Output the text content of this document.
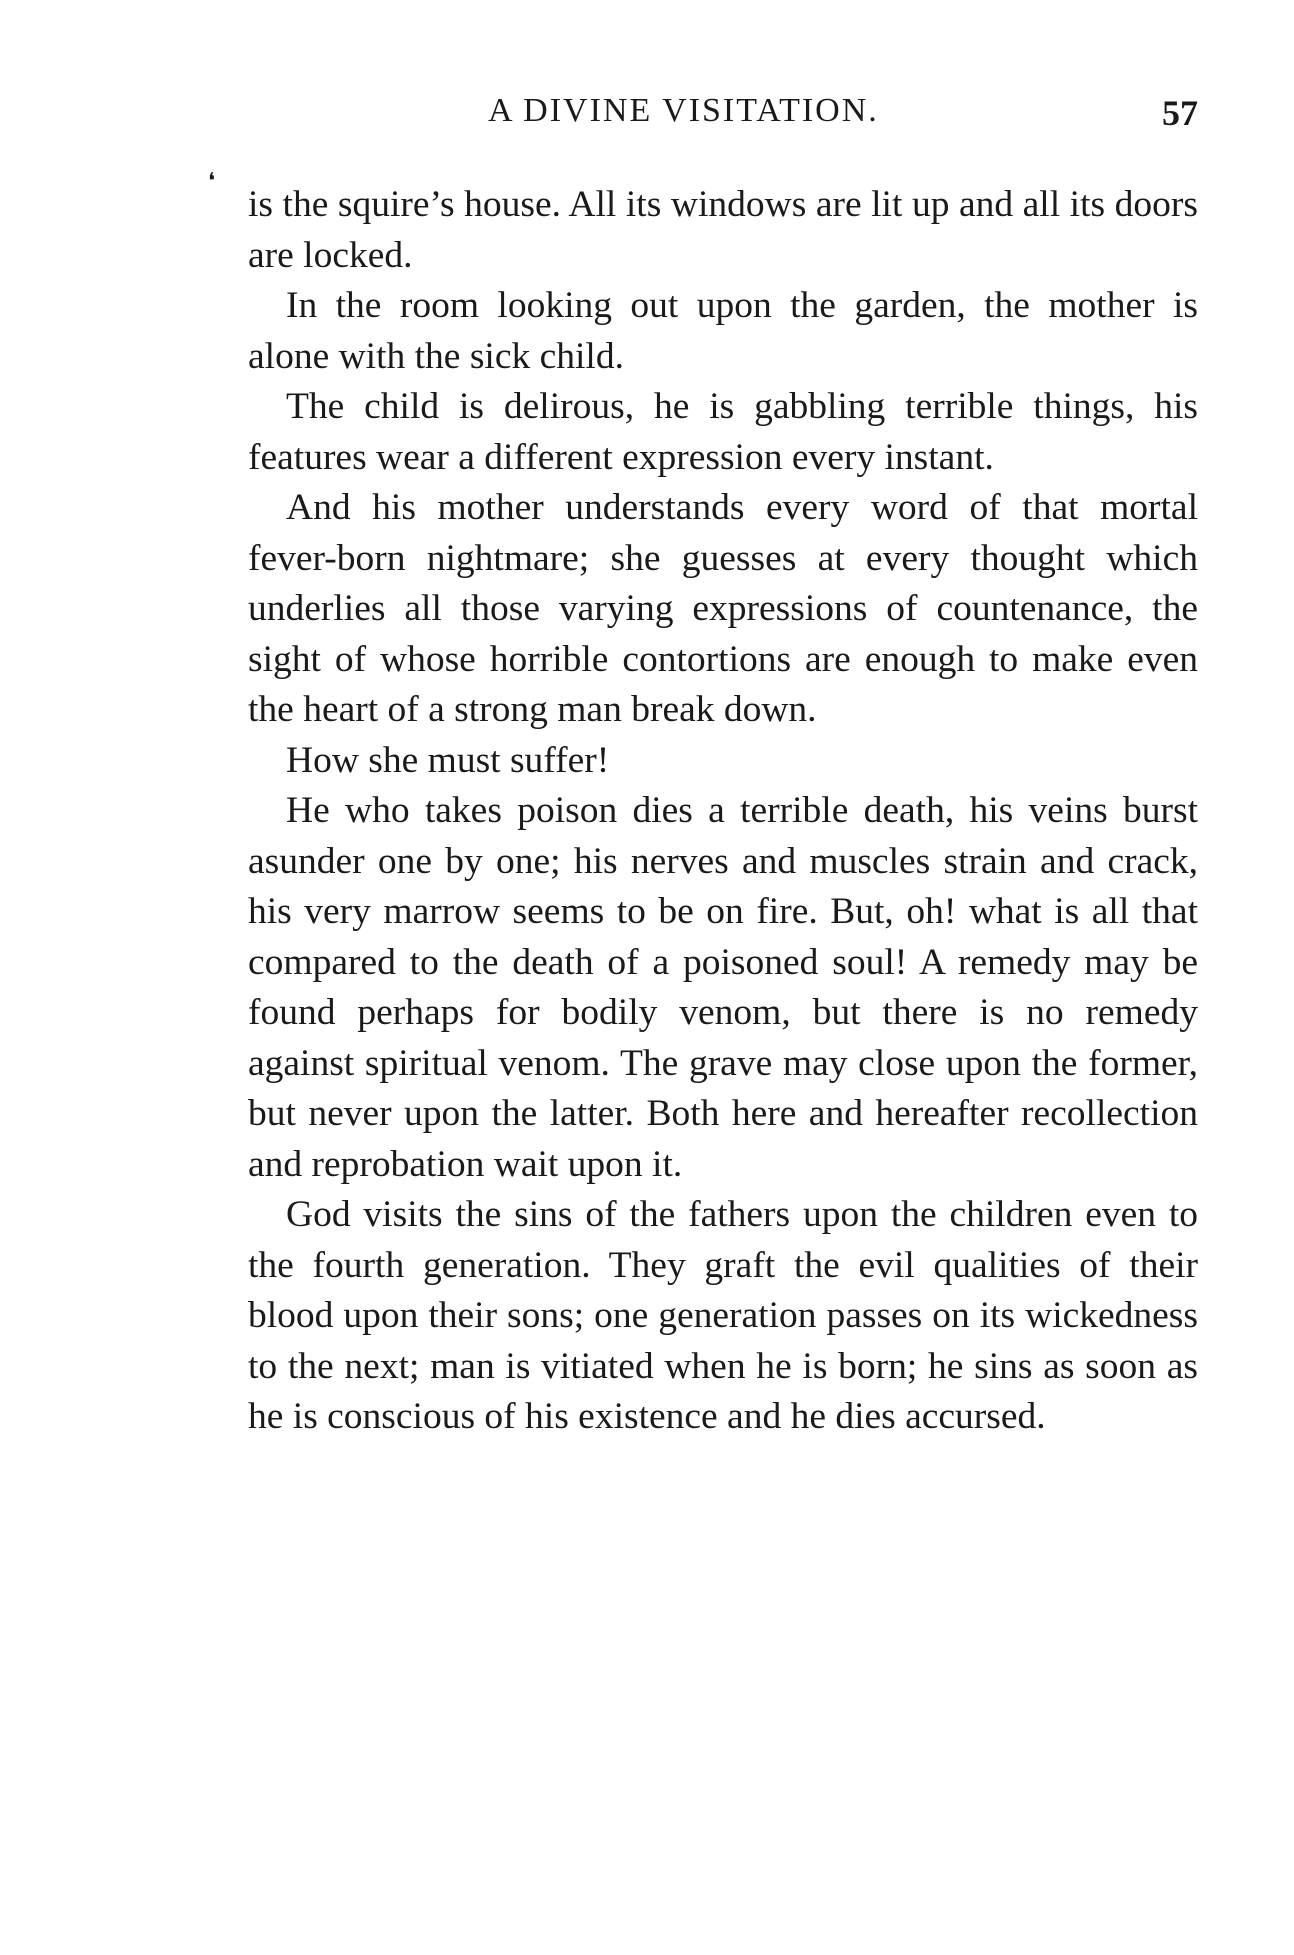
❛
A DIVINE VISITATION.	57

is the squire’s house. All its windows are lit up and all its doors are locked.

In the room looking out upon the garden, the mother is alone with the sick child.

The child is delirous, he is gabbling terrible things, his features wear a different expression every instant.

And his mother understands every word of that mortal fever-born nightmare; she guesses at every thought which underlies all those varying expressions of countenance, the sight of whose horrible contortions are enough to make even the heart of a strong man break down.

How she must suffer!

He who takes poison dies a terrible death, his veins burst asunder one by one; his nerves and muscles strain and crack, his very marrow seems to be on fire. But, oh! what is all that compared to the death of a poisoned soul! A remedy may be found perhaps for bodily venom, but there is no remedy against spiritual venom. The grave may close upon the former, but never upon the latter. Both here and hereafter recollection and reprobation wait upon it.

God visits the sins of the fathers upon the children even to the fourth generation. They graft the evil qualities of their blood upon their sons; one generation passes on its wickedness to the next; man is vitiated when he is born; he sins as soon as he is conscious of his existence and he dies accursed.
